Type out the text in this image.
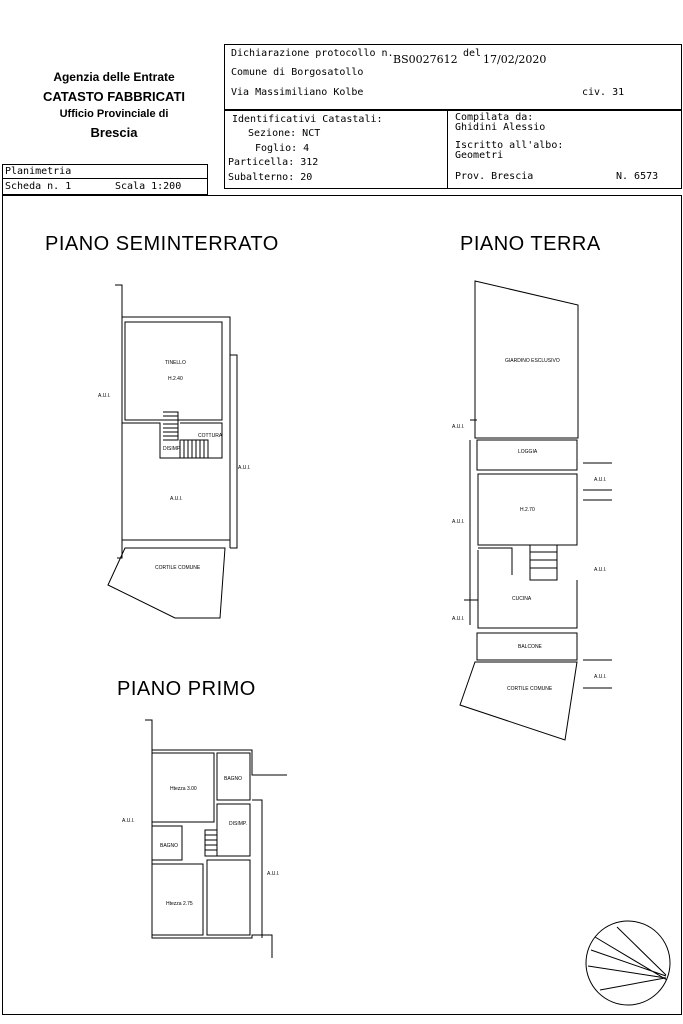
Agenzia delle Entrate
CATASTO FABBRICATI
Ufficio Provinciale di
Brescia
Dichiarazione protocollo n. BS0027612 del 17/02/2020
Comune di Borgosatollo
Via Massimiliano Kolbe	civ. 31
Identificativi Catastali:
Sezione: NCT
Foglio: 4
Particella: 312
Subalterno: 20
Compilata da:
Ghidini Alessio
Iscritto all'albo:
Geometri
Prov. Brescia	N. 6573
Planimetria
Scheda n. 1	Scala 1:200
PIANO SEMINTERRATO	PIANO TERRA
PIANO PRIMO
TINELLO
H.2.40
A.U.I.
COTTURA
DISIMP.
A.U.I.
A.U.I.
CORTILE COMUNE
GIARDINO ESCLUSIVO
A.U.I.
LOGGIA
A.U.I.
A.U.I.
H.2.70
A.U.I.
CUCINA
A.U.I.
BALCONE
A.U.I.
CORTILE COMUNE
Htezza 3.00
BAGNO
DISIMP.
BAGNO
A.U.I.
Htezza 2.75
A.U.I.
